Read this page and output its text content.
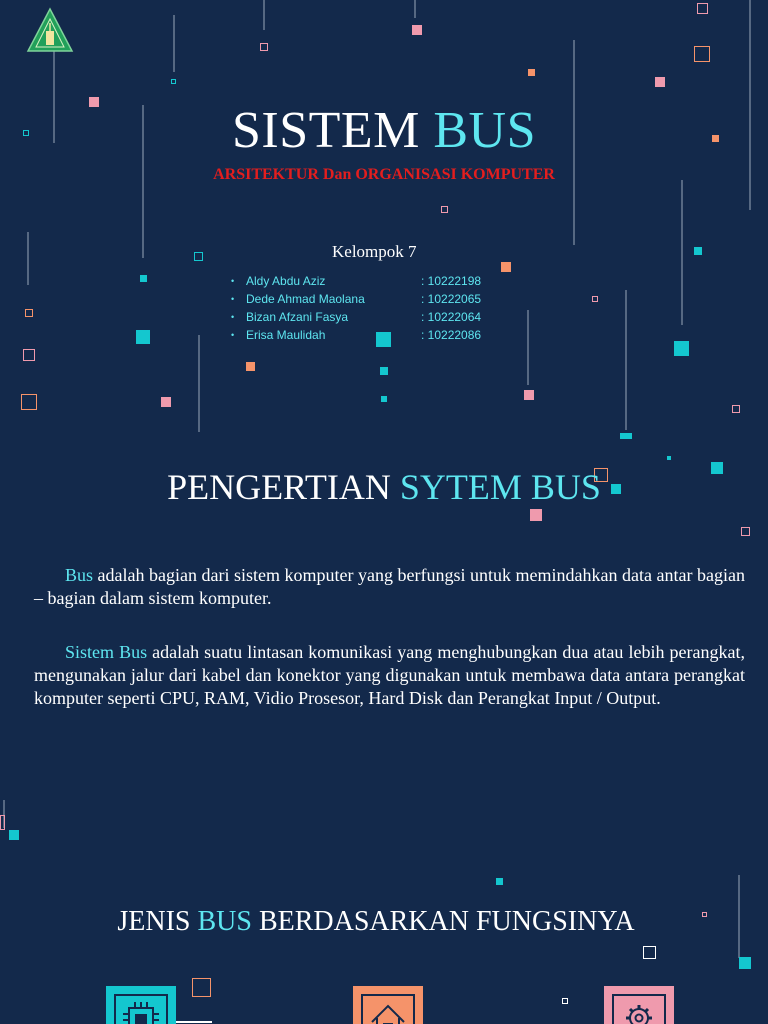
SISTEM BUS
ARSITEKTUR Dan ORGANISASI KOMPUTER
Kelompok 7
• Aldy Abdu Aziz	: 10222198
• Dede Ahmad Maolana	: 10222065
• Bizan Afzani Fasya	: 10222064
• Erisa Maulidah	: 10222086
PENGERTIAN SYTEM BUS

Bus adalah bagian dari sistem komputer yang berfungsi untuk memindahkan data antar bagian – bagian dalam sistem komputer.

Sistem Bus adalah suatu lintasan komunikasi yang menghubungkan dua atau lebih perangkat, mengunakan jalur dari kabel dan konektor yang digunakan untuk membawa data antara perangkat komputer seperti CPU, RAM, Vidio Prosesor, Hard Disk dan Perangkat Input / Output.

JENIS BUS BERDASARKAN FUNGSINYA
